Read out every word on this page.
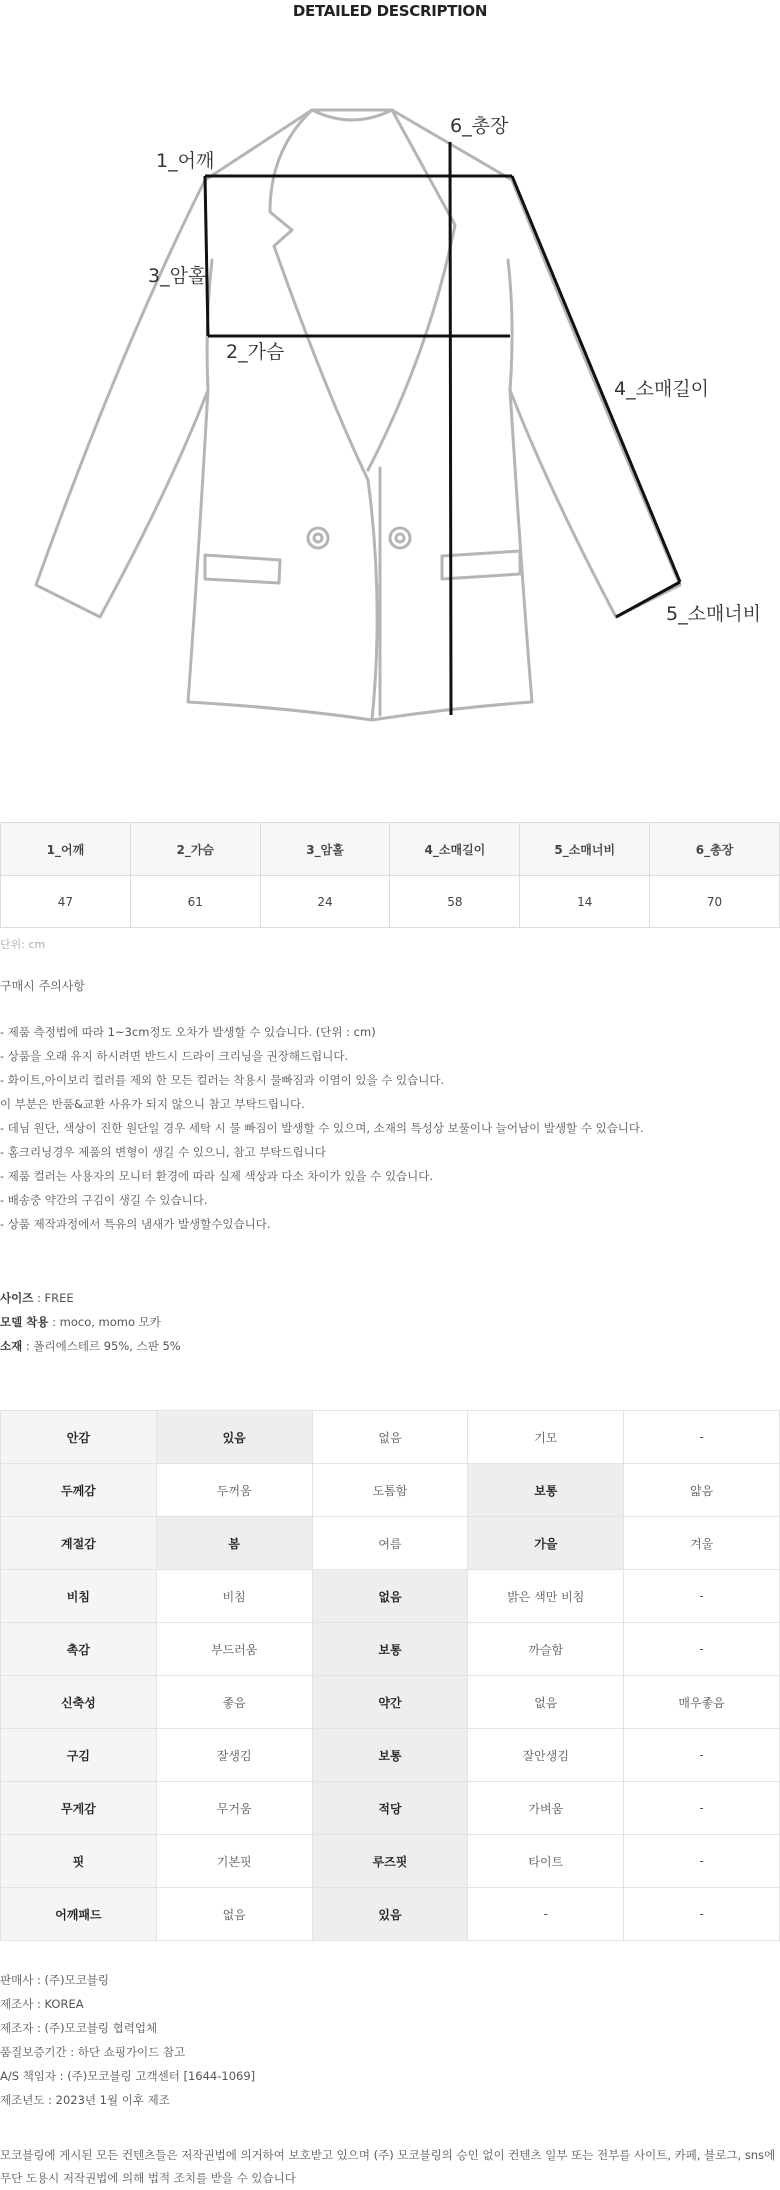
DETAILED DESCRIPTION
1_어깨
3_암홀
2_가슴
4_소매길이
5_소매너비
6_총장
1_어깨	2_가슴	3_암홀	4_소매길이	5_소매너비	6_총장
47	61	24	58	14	70
단위: cm
구매시 주의사항
- 제품 측정법에 따라 1~3cm정도 오차가 발생할 수 있습니다. (단위 : cm)
- 상품을 오래 유지 하시려면 반드시 드라이 크리닝을 권장해드립니다.
- 화이트,아이보리 컬러를 제외 한 모든 컬러는 착용시 물빠짐과 이염이 있을 수 있습니다.
이 부분은 반품&교환 사유가 되지 않으니 참고 부탁드립니다.
- 데님 원단, 색상이 진한 원단일 경우 세탁 시 물 빠짐이 발생할 수 있으며, 소재의 특성상 보풀이나 늘어남이 발생할 수 있습니다.
- 홈크리닝경우 제품의 변형이 생길 수 있으니, 참고 부탁드립니다
- 제품 컬러는 사용자의 모니터 환경에 따라 실제 색상과 다소 차이가 있을 수 있습니다.
- 배송중 약간의 구김이 생길 수 있습니다.
- 상품 제작과정에서 특유의 냄새가 발생할수있습니다.
사이즈 : FREE
모델 착용 : moco, momo 모카
소재 : 폴리에스테르 95%, 스판 5%
안감	있음	없음	기모	-
두께감	두꺼움	도톰함	보통	얇음
계절감	봄	여름	가을	겨울
비침	비침	없음	밝은 색만 비침	-
촉감	부드러움	보통	까슬함	-
신축성	좋음	약간	없음	매우좋음
구김	잘생김	보통	잘안생김	-
무게감	무거움	적당	가벼움	-
핏	기본핏	루즈핏	타이트	-
어깨패드	없음	있음	-	-
판매사 : (주)모코블링
제조사 : KOREA
제조자 : (주)모코블링 협력업체
품질보증기간 : 하단 쇼핑가이드 참고
A/S 책임자 : (주)모코블링 고객센터 [1644-1069]
제조년도 : 2023년 1월 이후 제조
모코블링에 게시된 모든 컨텐츠들은 저작권법에 의거하여 보호받고 있으며 (주) 모코블링의 승인 없이 컨텐츠 일부 또는 전부를 사이트, 카페, 블로그, sns에
무단 도용시 저작권법에 의해 법적 조치를 받을 수 있습니다
